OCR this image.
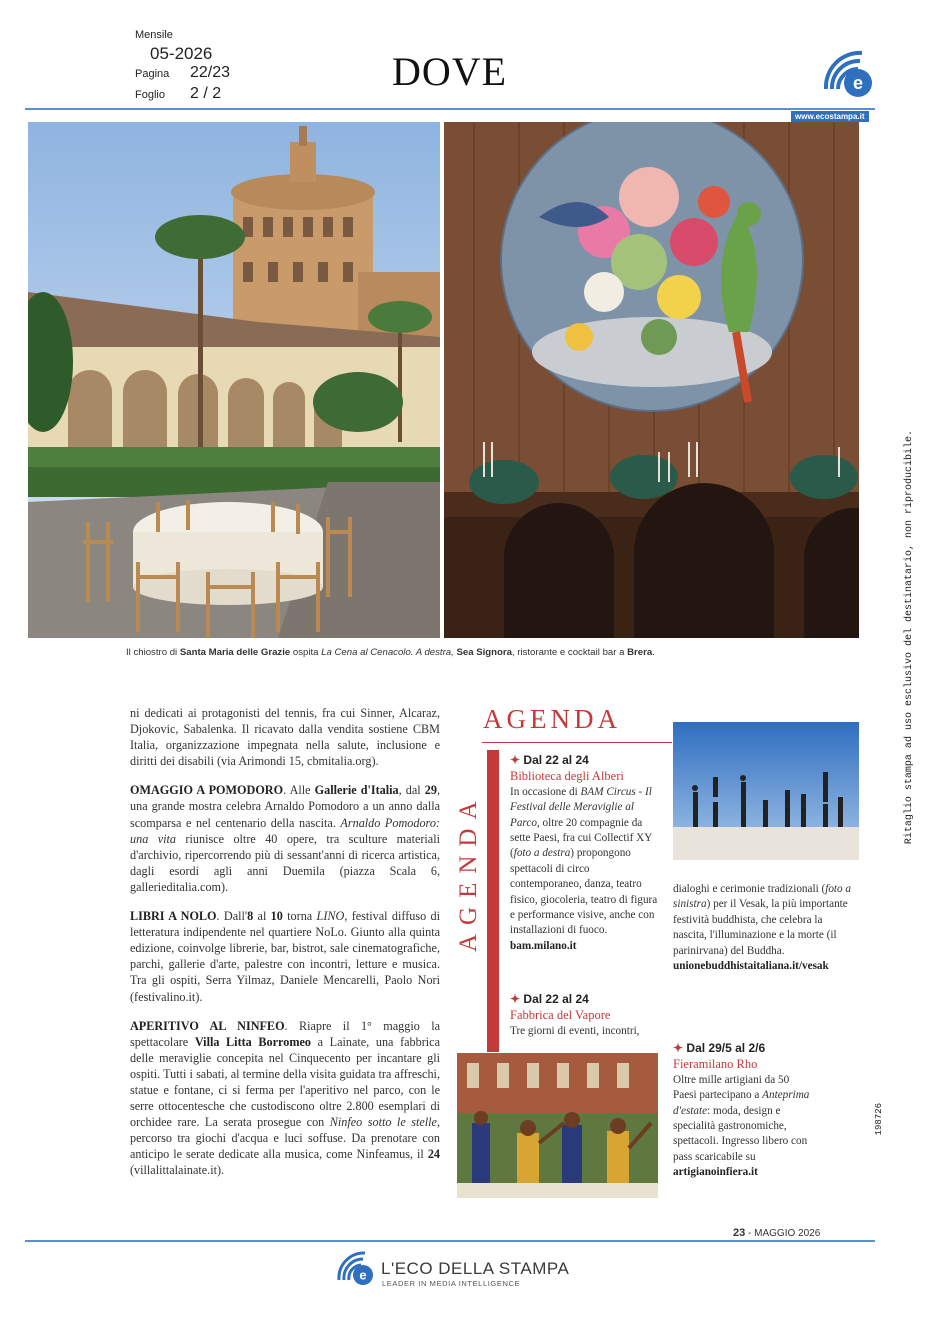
Mensile
05-2026
Pagina 22/23
Foglio 2 / 2	DOVE	e
www.ecostampa.it
Il chiostro di Santa Maria delle Grazie ospita La Cena al Cenacolo. A destra, Sea Signora, ristorante e cocktail bar a Brera.

ni dedicati ai protagonisti del tennis, fra cui Sinner, Alcaraz, Djokovic, Sabalenka. Il ricavato dalla vendita sostiene CBM Italia, organizzazione impegnata nella salute, inclusione e diritti dei disabili (via Arimondi 15, cbmitalia.org).

OMAGGIO A POMODORO. Alle Gallerie d'Italia, dal 29, una grande mostra celebra Arnaldo Pomodoro a un anno dalla scomparsa e nel centenario della nascita. Arnaldo Pomodoro: una vita riunisce oltre 40 opere, tra sculture materiali d'archivio, ripercorrendo più di sessant'anni di ricerca artistica, dagli esordi agli anni Duemila (piazza Scala 6, gallerieditalia.com).

LIBRI A NOLO. Dall'8 al 10 torna LINO, festival diffuso di letteratura indipendente nel quartiere NoLo. Giunto alla quinta edizione, coinvolge librerie, bar, bistrot, sale cinematografiche, parchi, gallerie d'arte, palestre con incontri, letture e musica. Tra gli ospiti, Serra Yilmaz, Daniele Mencarelli, Paolo Nori (festivalino.it).

APERITIVO AL NINFEO. Riapre il 1° maggio la spettacolare Villa Litta Borromeo a Lainate, una fabbrica delle meraviglie concepita nel Cinquecento per incantare gli ospiti. Tutti i sabati, al termine della visita guidata tra affreschi, statue e fontane, ci si ferma per l'aperitivo nel parco, con le serre ottocentesche che custodiscono oltre 2.800 esemplari di orchidee rare. La serata prosegue con Ninfeo sotto le stelle, percorso tra giochi d'acqua e luci soffuse. Da prenotare con anticipo le serate dedicate alla musica, come Ninfeamus, il 24 (villalittalainate.it).

AGENDA
AGENDA
✦ Dal 22 al 24
Biblioteca degli Alberi
In occasione di BAM Circus - Il Festival delle Meraviglie al Parco, oltre 20 compagnie da sette Paesi, fra cui Collectif XY (foto a destra) propongono spettacoli di circo contemporaneo, danza, teatro fisico, giocoleria, teatro di figura e performance visive, anche con installazioni di fuoco. bam.milano.it
✦ Dal 22 al 24
Fabbrica del Vapore
Tre giorni di eventi, incontri,
dialoghi e cerimonie tradizionali (foto a sinistra) per il Vesak, la più importante festività buddhista, che celebra la nascita, l'illuminazione e la morte (il parinirvana) del Buddha. unionebuddhistaitaliana.it/vesak
✦ Dal 29/5 al 2/6
Fieramilano Rho
Oltre mille artigiani da 50 Paesi partecipano a Anteprima d'estate: moda, design e specialità gastronomiche, spettacoli. Ingresso libero con pass scaricabile su artigianoinfiera.it
Ritaglio stampa ad uso esclusivo del destinatario, non riproducibile.
198726
23 - MAGGIO 2026
e L'ECO DELLA STAMPA
LEADER IN MEDIA INTELLIGENCE
